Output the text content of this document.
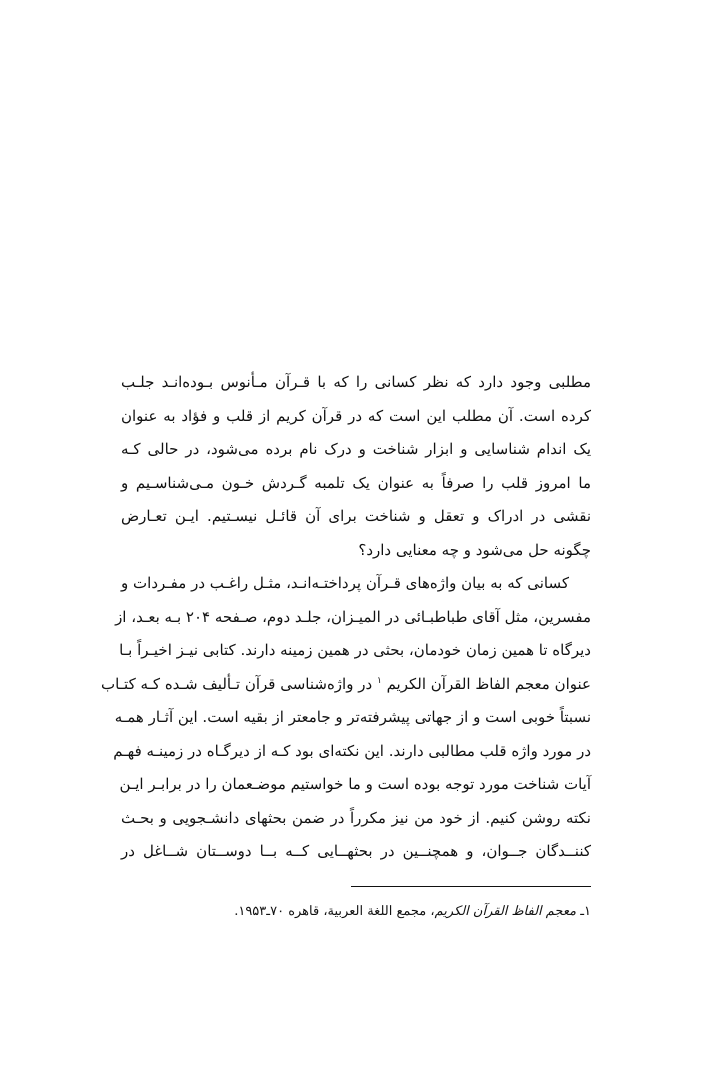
مطلبی وجود دارد که نظر کسانی را که با قـرآن مـأنوس بـوده‌انـد جلـب
کرده است. آن مطلب این است که در قرآن کریم از قلب و فؤاد به عنوان
یک اندام شناسایی و ابزار شناخت و درک نام برده می‌شود، در حالی کـه
ما امروز قلب را صرفاً به عنوان یک تلمبه گـردش خـون مـی‌شناسـیم و
نقشی در ادراک و تعقل و شناخت برای آن قائـل نیسـتیم. ایـن تعـارض
چگونه حل می‌شود و چه معنایی دارد؟
کسانی که به بیان واژه‌های قـرآن پرداختـه‌انـد، مثـل راغـب در مفـردات و
مفسرین، مثل آقای طباطبـائی در المیـزان، جلـد دوم، صـفحه ۲۰۴ بـه بعـد، از
دیرگاه تا همین زمان خودمان، بحثی در همین زمینه دارند. کتابی نیـز اخیـراً بـا
عنوان معجم الفاظ القرآن الکریم $^۱$ در واژه‌شناسی قرآن تـألیف شـده کـه کتـاب
نسبتاً خوبی است و از جهاتی پیشرفته‌تر و جامعتر از بقیه است. این آثـار همـه
در مورد واژه قلب مطالبی دارند. این نکته‌ای بود کـه از دیرگـاه در زمینـه فهـم
آیات شناخت مورد توجه بوده است و ما خواستیم موضـعمان را در برابـر ایـن
نکته روشن کنیم. از خود من نیز مکرراً در ضمن بحثهای دانشـجویی و بحـث
کننــدگان جــوان، و همچنــین در بحثهــایی کــه بــا دوســتان شــاغل در
۱ـ معجم الفاظ القرآن الکریم، مجمع اللغة العربیة، قاهره ۷۰ـ۱۹۵۳.
